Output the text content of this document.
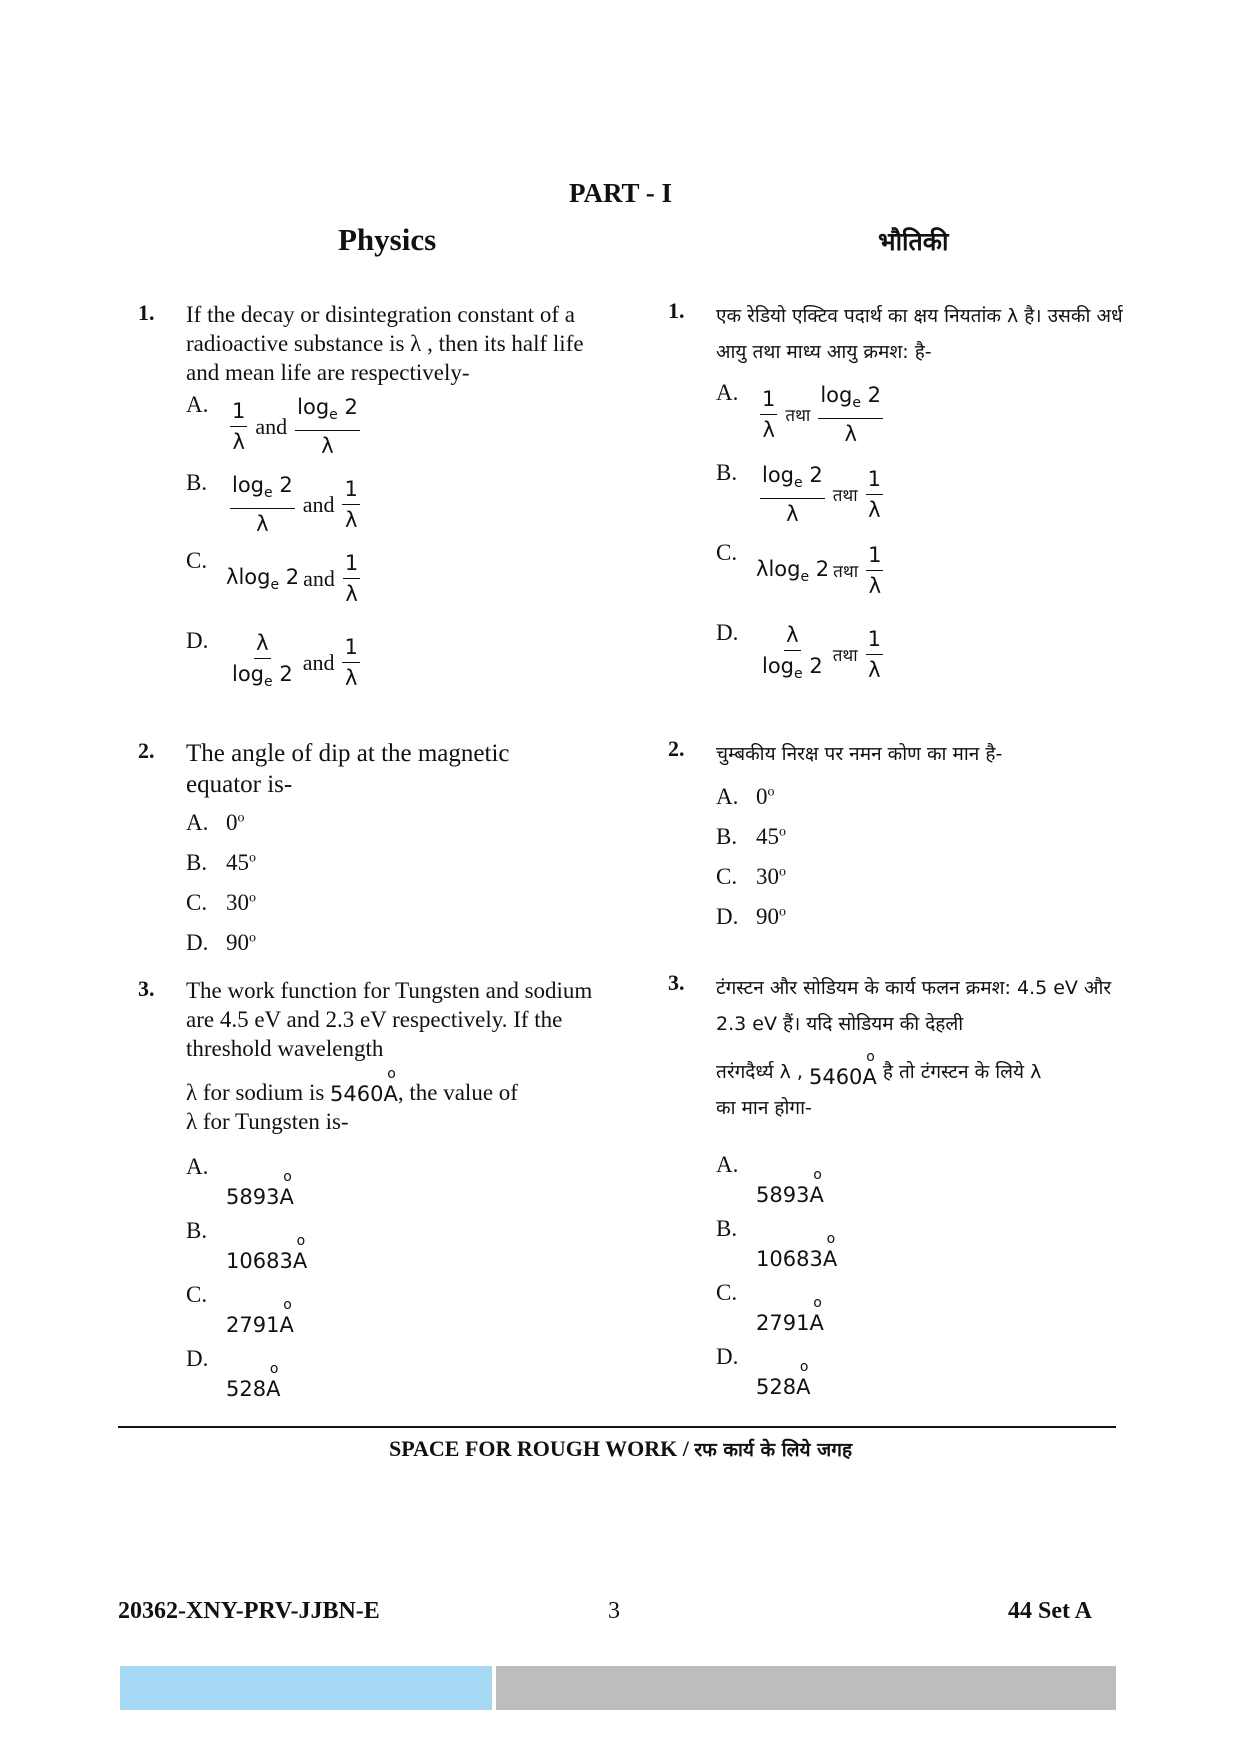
PART - I
Physics	भौतिकी
1. If the decay or disintegration constant of a radioactive substance is λ , then its half life and mean life are respectively-
A. $\frac{1}{\lambda}$ and $\frac{\log_e 2}{\lambda}$
B. $\frac{\log_e 2}{\lambda}$ and $\frac{1}{\lambda}$
C.λlog$_e$ 2 and $\frac{1}{\lambda}$
D. $\frac{\lambda}{\log_e 2}$ and $\frac{1}{\lambda}$
2. The angle of dip at the magnetic equator is-
A. 0$^o$
B. 45$^o$
C. 30$^o$
D. 90$^o$
3. The work function for Tungsten and sodium are 4.5 eV and 2.3 eV respectively. If the threshold wavelength
λ for sodium is
o
5460A , the value of
λ for Tungsten is-
A.	o
5893A
B.	o
10683A
C.	o
2791A
D.	o
528A
1. एक रेडियो एक्टिव पदार्थ का क्षय नियतांक λ है। उसकी अर्ध आयु तथा माध्य आयु क्रमश: है-
A. $\frac{1}{\lambda}$ तथा $\frac{\log_e 2}{\lambda}$
B. $\frac{\log_e 2}{\lambda}$ तथा $\frac{1}{\lambda}$
C.λlog$_e$ 2 तथा $\frac{1}{\lambda}$
D. $\frac{\lambda}{\log_e 2}$ तथा $\frac{1}{\lambda}$
2. चुम्बकीय निरक्ष पर नमन कोण का मान है-
A. 0$^o$
B. 45$^o$
C. 30$^o$
D. 90$^o$
3. टंगस्टन और सोडियम के कार्य फलन क्रमश: 4.5 eV और 2.3 eV हैं। यदि सोडियम की देहली
तरंगदैर्ध्य λ ,
o
5460A है तो टंगस्टन के लिये λ
का मान होगा-
A.	o
5893A
B.	o
10683A
C.	o
2791A
D.	o
528A
SPACE FOR ROUGH WORK / रफ कार्य के लिये जगह
20362-XNY-PRV-JJBN-E	3	44 Set A
